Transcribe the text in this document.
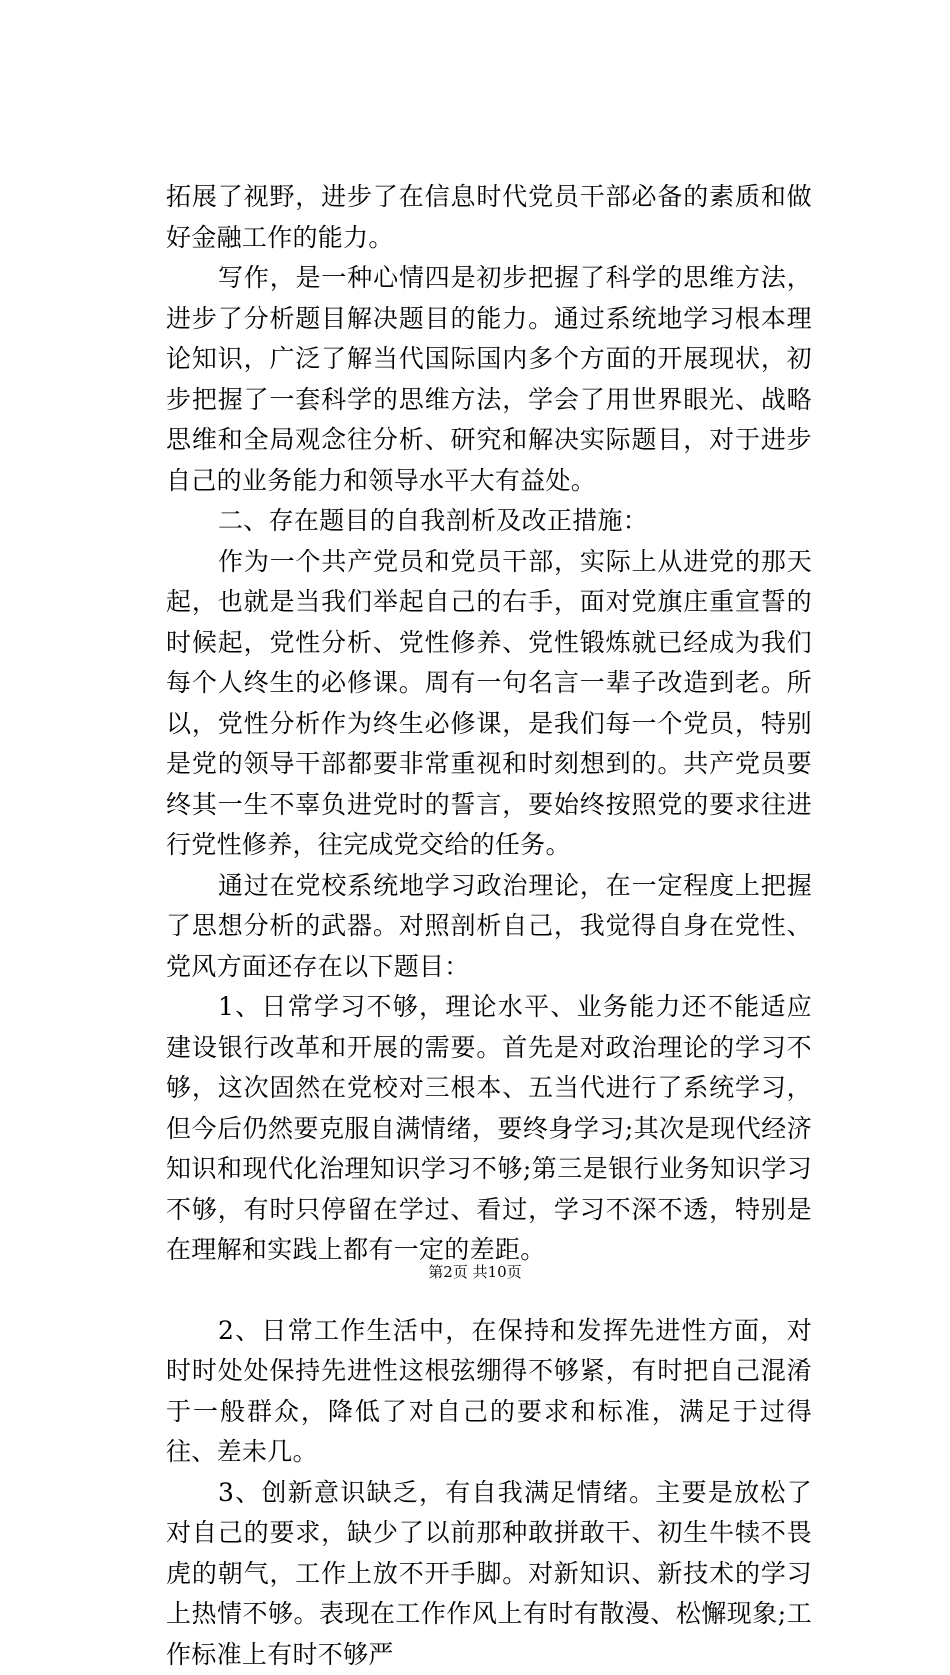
拓展了视野，进步了在信息时代党员干部必备的素质和做好金融工作的能力。

写作，是一种心情四是初步把握了科学的思维方法，进步了分析题目解决题目的能力。通过系统地学习根本理论知识，广泛了解当代国际国内多个方面的开展现状，初步把握了一套科学的思维方法，学会了用世界眼光、战略思维和全局观念往分析、研究和解决实际题目，对于进步自己的业务能力和领导水平大有益处。

二、存在题目的自我剖析及改正措施：

作为一个共产党员和党员干部，实际上从进党的那天起，也就是当我们举起自己的右手，面对党旗庄重宣誓的时候起，党性分析、党性修养、党性锻炼就已经成为我们每个人终生的必修课。周有一句名言一辈子改造到老。所以，党性分析作为终生必修课，是我们每一个党员，特别是党的领导干部都要非常重视和时刻想到的。共产党员要终其一生不辜负进党时的誓言，要始终按照党的要求往进行党性修养，往完成党交给的任务。

通过在党校系统地学习政治理论，在一定程度上把握了思想分析的武器。对照剖析自己，我觉得自身在党性、党风方面还存在以下题目：

1、日常学习不够，理论水平、业务能力还不能适应建设银行改革和开展的需要。首先是对政治理论的学习不够，这次固然在党校对三根本、五当代进行了系统学习，但今后仍然要克服自满情绪，要终身学习;其次是现代经济知识和现代化治理知识学习不够;第三是银行业务知识学习不够，有时只停留在学过、看过，学习不深不透，特别是在理解和实践上都有一定的差距。

2、日常工作生活中，在保持和发挥先进性方面，对时时处处保持先进性这根弦绷得不够紧，有时把自己混淆于一般群众，降低了对自己的要求和标准，满足于过得往、差未几。

3、创新意识缺乏，有自我满足情绪。主要是放松了对自己的要求，缺少了以前那种敢拼敢干、初生牛犊不畏虎的朝气，工作上放不开手脚。对新知识、新技术的学习上热情不够。表现在工作作风上有时有散漫、松懈现象;工作标准上有时不够严

第2页 共10页
